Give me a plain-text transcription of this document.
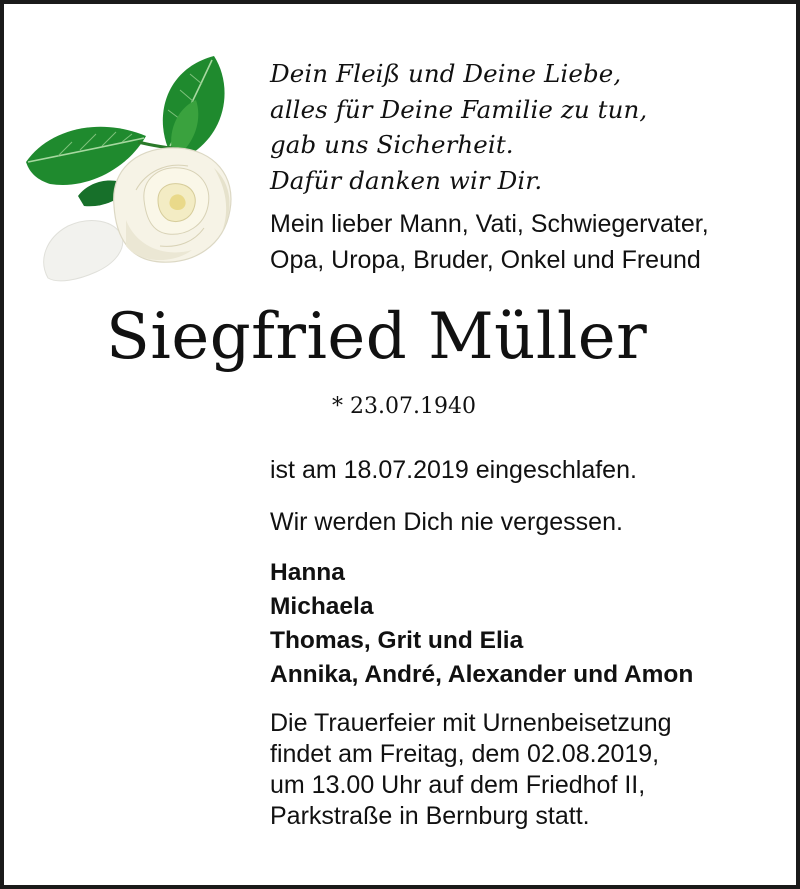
Dein Fleiß und Deine Liebe,
alles für Deine Familie zu tun,
gab uns Sicherheit.
Dafür danken wir Dir.
Mein lieber Mann, Vati, Schwiegervater,
Opa, Uropa, Bruder, Onkel und Freund
Siegfried Müller
* 23.07.1940
ist am 18.07.2019 eingeschlafen.
Wir werden Dich nie vergessen.
Hanna
Michaela
Thomas, Grit und Elia
Annika, André, Alexander und Amon
Die Trauerfeier mit Urnenbeisetzung
findet am Freitag, dem 02.08.2019,
um 13.00 Uhr auf dem Friedhof II,
Parkstraße in Bernburg statt.
